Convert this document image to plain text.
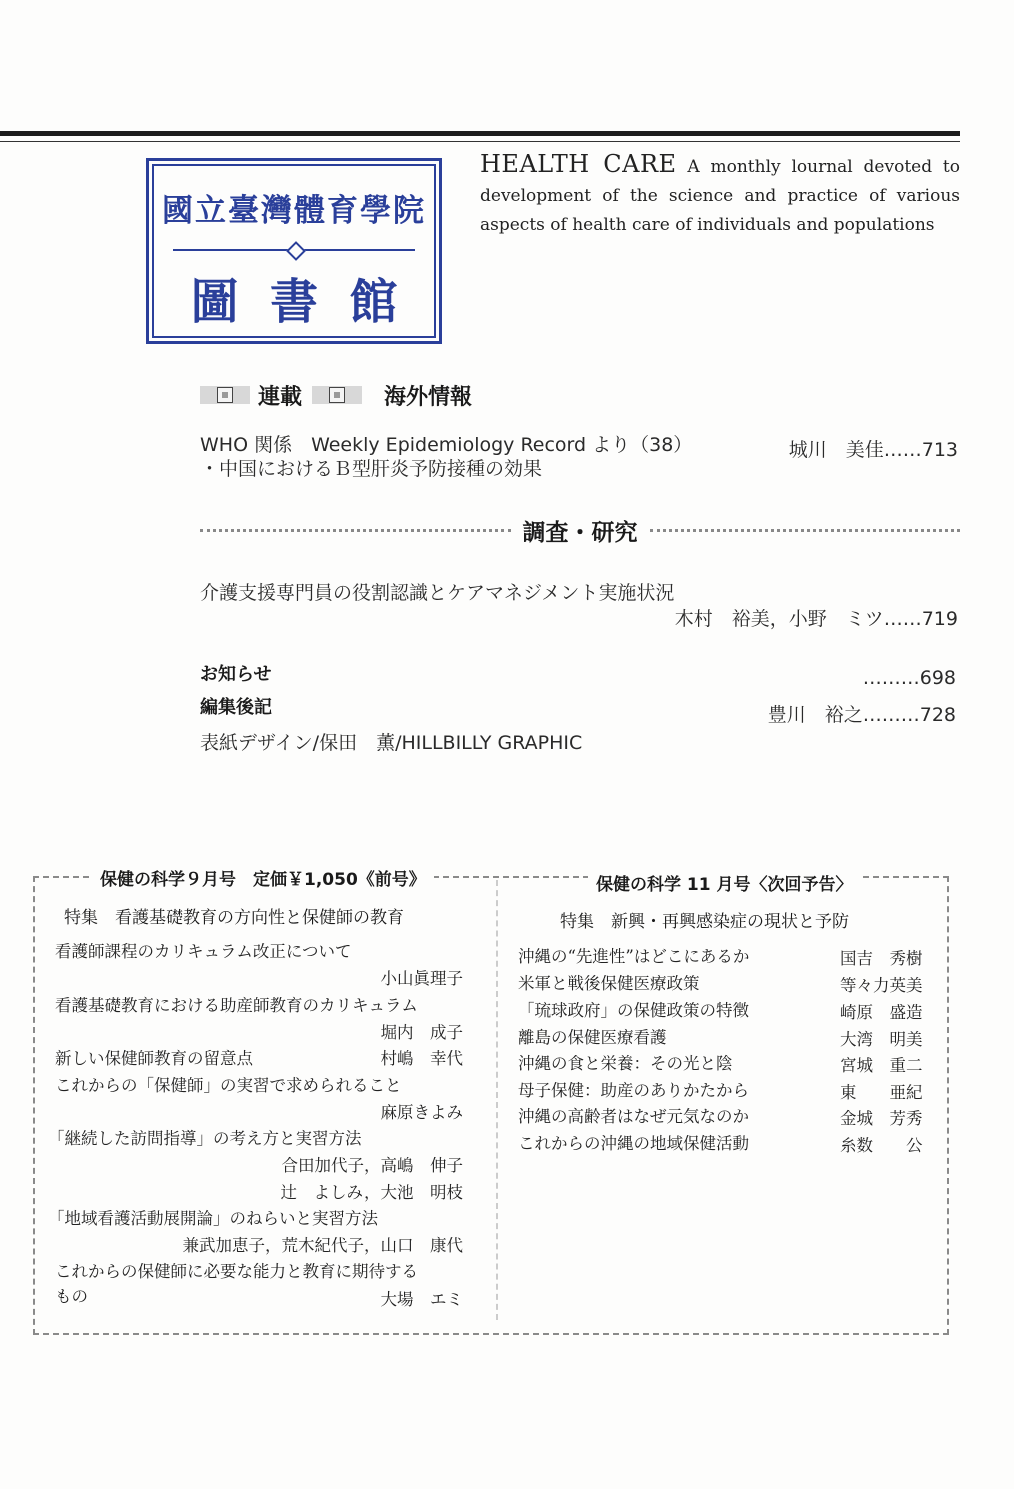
國立臺灣體育學院
圖 書 館
HEALTH CARE A monthly lournal devoted to development of the science and practice of various aspects of health care of individuals and populations
連載	海外情報
WHO 関係　Weekly Epidemiology Record より（38）
・中国におけるＢ型肝炎予防接種の効果
城川　美佳……713
調査・研究
介護支援専門員の役割認識とケアマネジメント実施状況
木村　裕美，小野　ミツ……719
お知らせ	………698
編集後記	豊川　裕之………728
表紙デザイン/保田　薫/HILLBILLY GRAPHIC
保健の科学９月号　定価￥1,050《前号》
特集　看護基礎教育の方向性と保健師の教育
看護師課程のカリキュラム改正について
小山眞理子
看護基礎教育における助産師教育のカリキュラム
堀内　成子
新しい保健師教育の留意点	村嶋　幸代
これからの「保健師」の実習で求められること
麻原きよみ
「継続した訪問指導」の考え方と実習方法
合田加代子，高嶋　伸子
辻　よしみ，大池　明枝
「地域看護活動展開論」のねらいと実習方法
兼武加恵子，荒木紀代子，山口　康代
これからの保健師に必要な能力と教育に期待する
もの	大場　エミ
保健の科学 11 月号〈次回予告〉
特集　新興・再興感染症の現状と予防
沖縄の“先進性”はどこにあるか	国吉　秀樹
米軍と戦後保健医療政策	等々力英美
「琉球政府」の保健政策の特徴	崎原　盛造
離島の保健医療看護	大湾　明美
沖縄の食と栄養：その光と陰	宮城　重二
母子保健：助産のありかたから	東　　亜紀
沖縄の高齢者はなぜ元気なのか	金城　芳秀
これからの沖縄の地域保健活動	糸数　　公
